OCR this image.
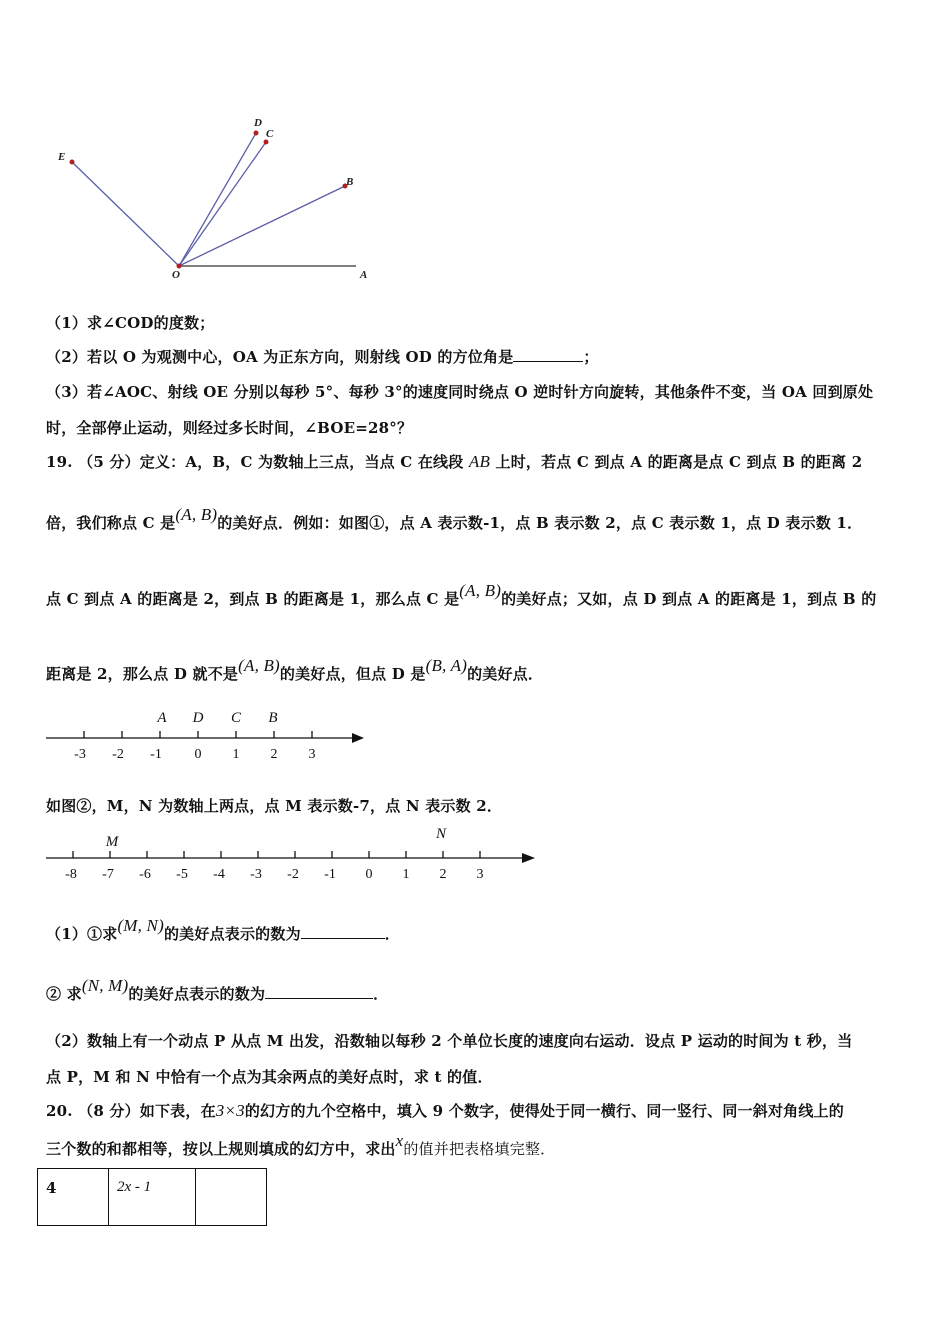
E
D
C
B
O	A
（1）求∠COD的度数；
（2）若以 O 为观测中心，OA 为正东方向，则射线 OD 的方位角是	；
（3）若∠AOC、射线 OE 分别以每秒 5°、每秒 3°的速度同时绕点 O 逆时针方向旋转，其他条件不变，当 OA 回到原处
时，全部停止运动，则经过多长时间，∠BOE=28°？
19. （5 分）定义：A，B，C 为数轴上三点，当点 C 在线段 AB 上时，若点 C 到点 A 的距离是点 C 到点 B 的距离 2
倍，我们称点 C 是(A, B)的美好点．例如：如图①，点 A 表示数-1，点 B 表示数 2，点 C 表示数 1，点 D 表示数 1．
点 C 到点 A 的距离是 2，到点 B 的距离是 1，那么点 C 是(A, B)的美好点；又如，点 D 到点 A 的距离是 1，到点 B 的
距离是 2，那么点 D 就不是(A, B)的美好点，但点 D 是(B, A)的美好点．
-3 -2 -1 0 1 2 3
A D C B
如图②，M，N 为数轴上两点，点 M 表示数-7，点 N 表示数 2．
-8 -7 -6 -5 -4 -3 -2 -1 0 1 2 3
M	N
（1）①求(M, N)的美好点表示的数为	．
② 求(N, M)的美好点表示的数为	．
（2）数轴上有一个动点 P 从点 M 出发，沿数轴以每秒 2 个单位长度的速度向右运动．设点 P 运动的时间为 t 秒，当
点 P，M 和 N 中恰有一个点为其余两点的美好点时，求 t 的值．
20. （8 分）如下表，在3×3的幻方的九个空格中，填入 9 个数字，使得处于同一横行、同一竖行、同一斜对角线上的
三个数的和都相等，按以上规则填成的幻方中，求出x的值并把表格填完整．
4	2x - 1	
